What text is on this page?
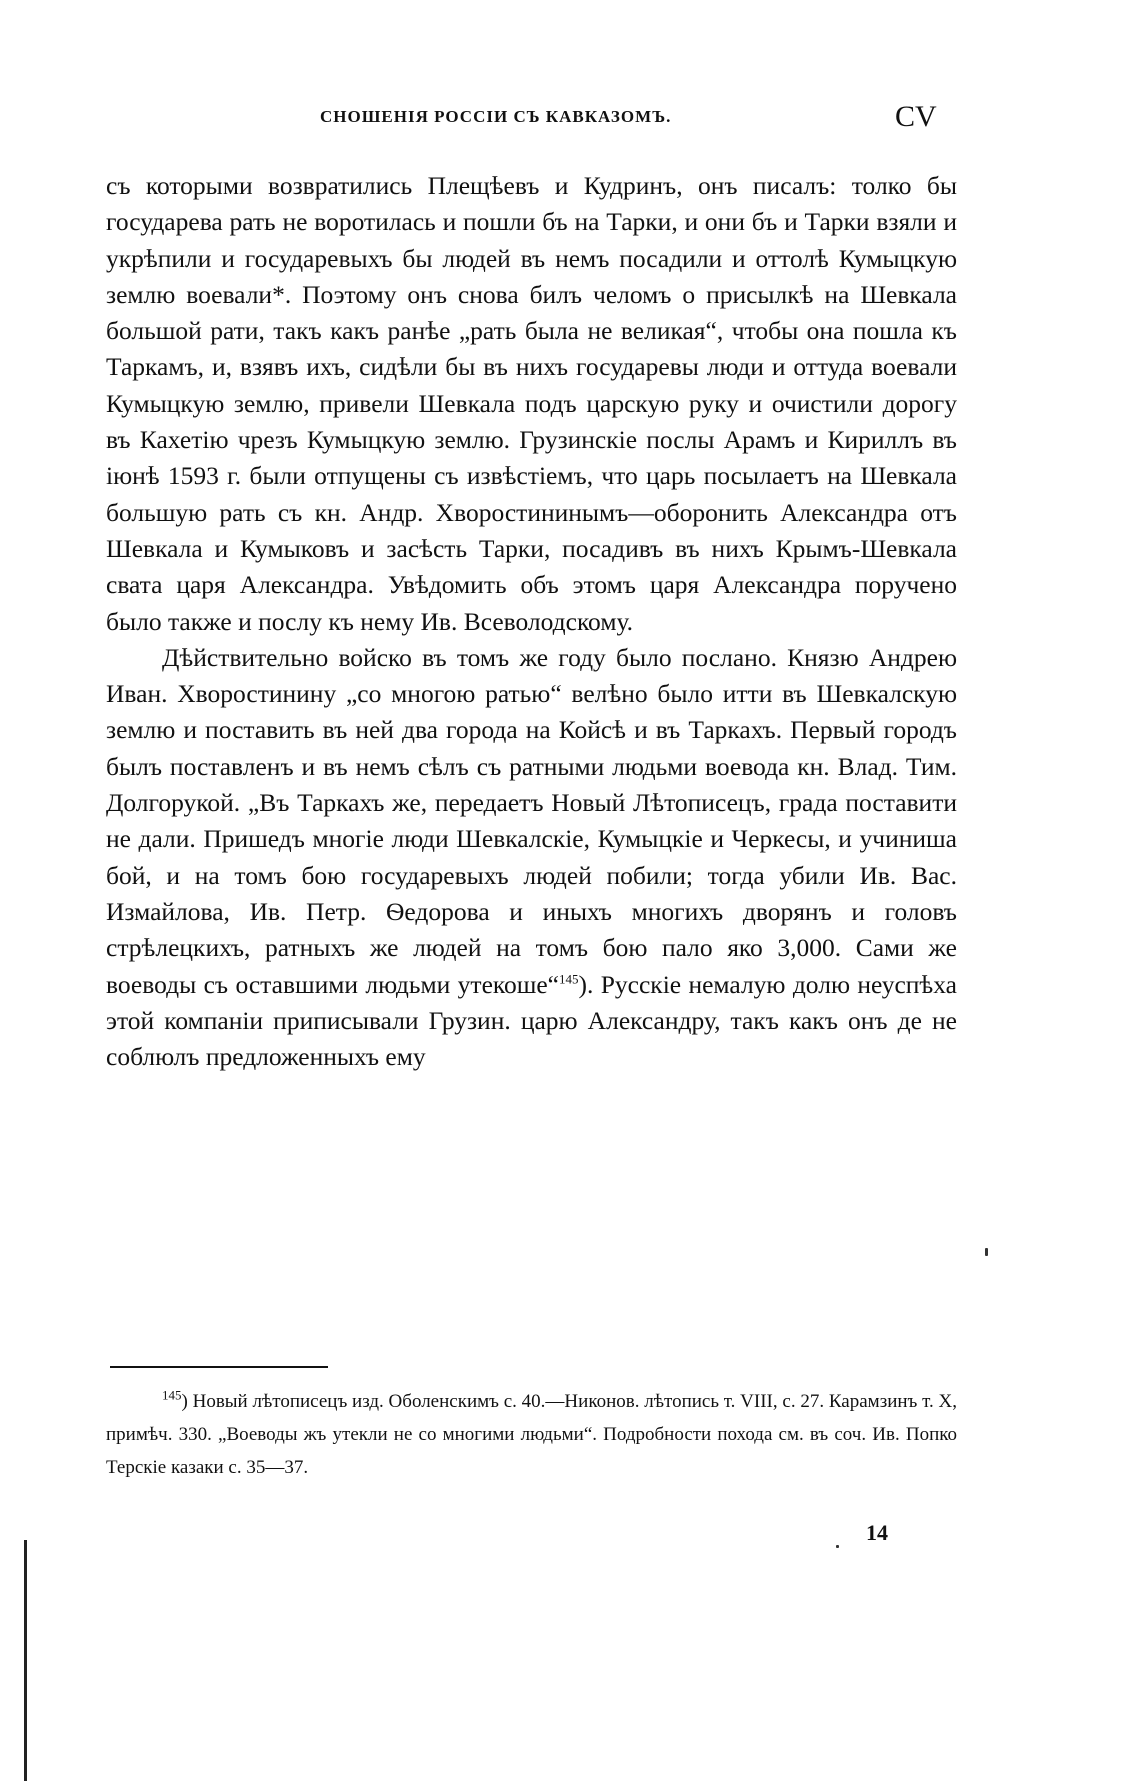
СНОШЕНІЯ РОССІИ СЪ КАВКАЗОМЪ.	CV

съ которыми возвратились Плещѣевъ и Кудринъ, онъ писалъ: толко бы государева рать не воротилась и пошли бъ на Тарки, и они бъ и Тарки взяли и укрѣпили и государевыхъ бы людей въ немъ посадили и оттолѣ Кумыцкую землю воевали*. Поэтому онъ снова билъ челомъ о присылкѣ на Шевкала большой рати, такъ какъ ранѣе „рать была не великая“, чтобы она пошла къ Таркамъ, и, взявъ ихъ, сидѣли бы въ нихъ государевы люди и оттуда воевали Кумыцкую землю, привели Шевкала подъ царскую руку и очистили дорогу въ Кахетію чрезъ Кумыцкую землю. Грузинскіе послы Арамъ и Кириллъ въ іюнѣ 1593 г. были отпущены съ извѣстіемъ, что царь посылаетъ на Шевкала большую рать съ кн. Андр. Хворостининымъ—оборонить Александра отъ Шевкала и Кумыковъ и засѣсть Тарки, посадивъ въ нихъ Крымъ-Шевкала свата царя Александра. Увѣдомить объ этомъ царя Александра поручено было также и послу къ нему Ив. Всеволодскому.

Дѣйствительно войско въ томъ же году было послано. Князю Андрею Иван. Хворостинину „со многою ратью“ велѣно было итти въ Шевкалскую землю и поставить въ ней два города на Койсѣ и въ Таркахъ. Первый городъ былъ поставленъ и въ немъ сѣлъ съ ратными людьми воевода кн. Влад. Тим. Долгорукой. „Въ Таркахъ же, передаетъ Новый Лѣтописецъ, града поставити не дали. Пришедъ многіе люди Шевкалскіе, Кумыцкіе и Черкесы, и учиниша бой, и на томъ бою государевыхъ людей побили; тогда убили Ив. Вас. Измайлова, Ив. Петр. Ѳедорова и иныхъ многихъ дворянъ и головъ стрѣлецкихъ, ратныхъ же людей на томъ бою пало яко 3,000. Сами же воеводы съ оставшими людьми утекоше“$^{145}$). Русскіе немалую долю неуспѣха этой компаніи приписывали Грузин. царю Александру, такъ какъ онъ де не соблюлъ предложенныхъ ему

$^{145}$) Новый лѣтописецъ изд. Оболенскимъ с. 40.—Никонов. лѣтопись т. VIII, с. 27. Карамзинъ т. X, примѣч. 330. „Воеводы жъ утекли не со многими людьми“. Подробности похода см. въ соч. Ив. Попко Терскіе казаки с. 35—37.

14
